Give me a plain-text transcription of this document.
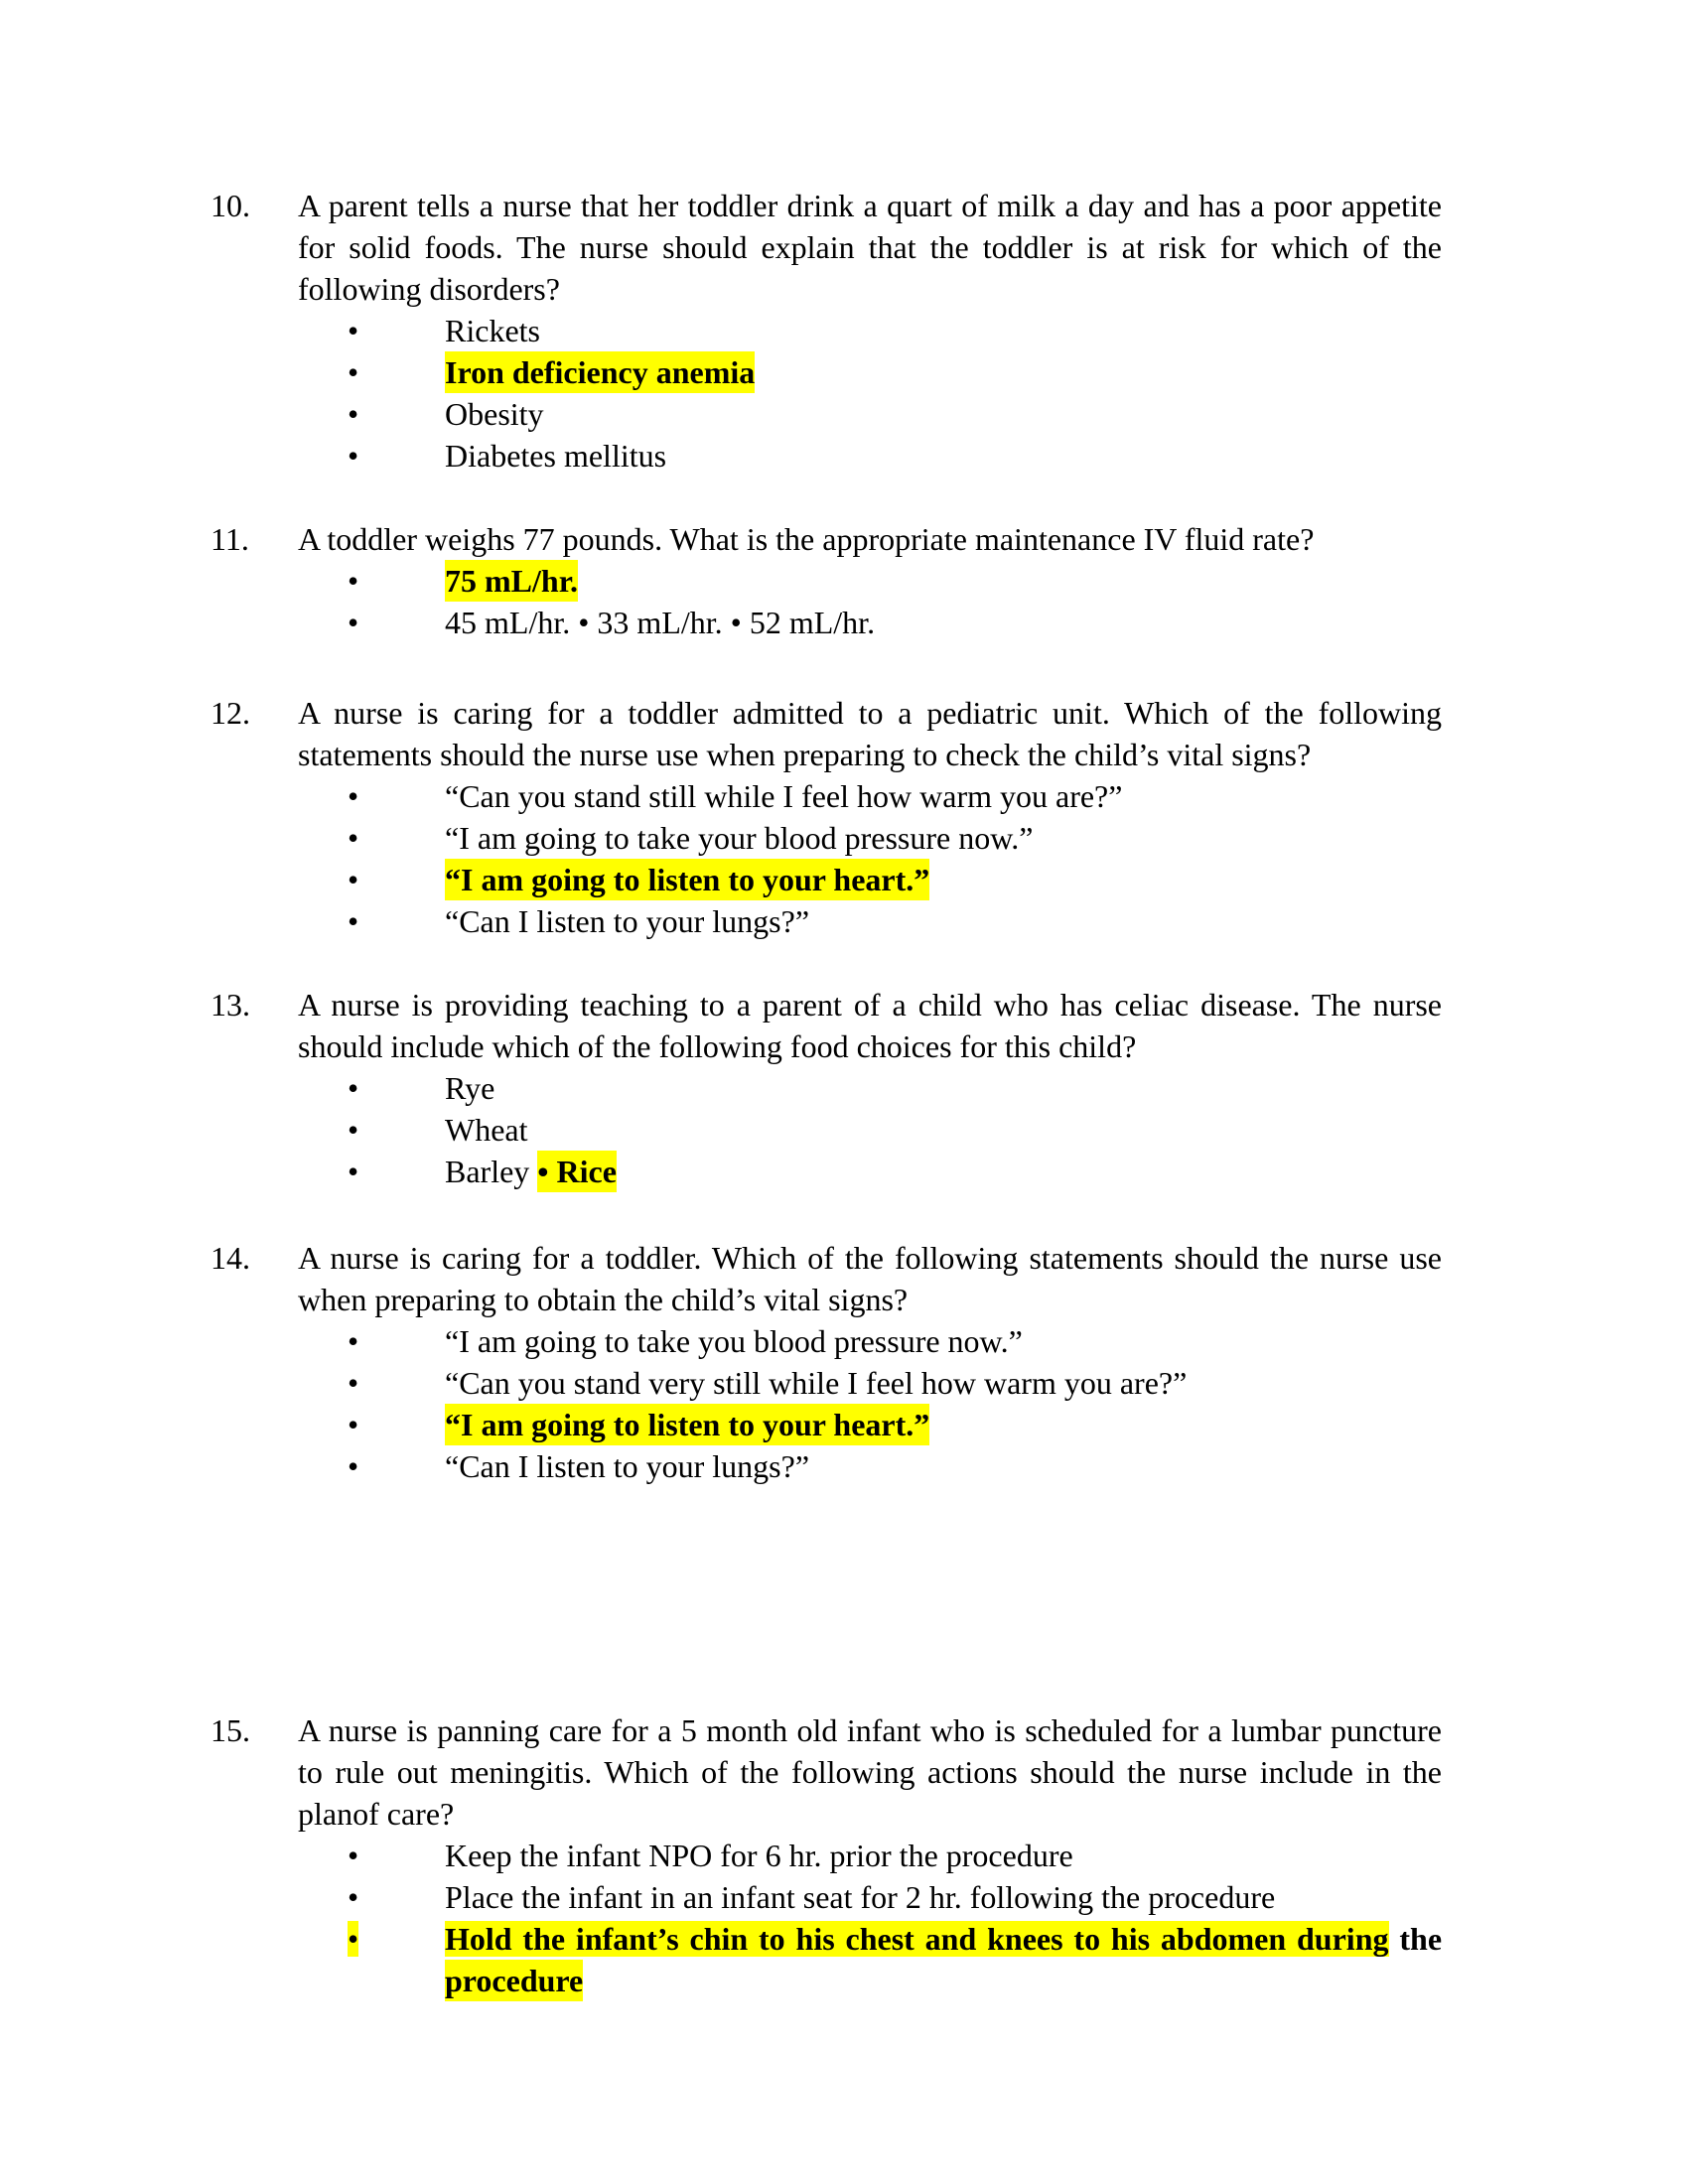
10.	A parent tells a nurse that her toddler drink a quart of milk a day and has a poor appetite for solid foods. The nurse should explain that the toddler is at risk for which of the following disorders?
•	Rickets
•	Iron deficiency anemia
•	Obesity
•	Diabetes mellitus
11.	A toddler weighs 77 pounds. What is the appropriate maintenance IV fluid rate?
•	75 mL/hr.
•	45 mL/hr. • 33 mL/hr. • 52 mL/hr.
12.	A nurse is caring for a toddler admitted to a pediatric unit. Which of the following statements should the nurse use when preparing to check the child’s vital signs?
•	“Can you stand still while I feel how warm you are?”
•	“I am going to take your blood pressure now.”
•	“I am going to listen to your heart.”
•	“Can I listen to your lungs?”
13.	A nurse is providing teaching to a parent of a child who has celiac disease. The nurse should include which of the following food choices for this child?
•	Rye
•	Wheat
•	Barley
• Rice
14.	A nurse is caring for a toddler. Which of the following statements should the nurse use when preparing to obtain the child’s vital signs?
•	“I am going to take you blood pressure now.”
•	“Can you stand very still while I feel how warm you are?”
•	“I am going to listen to your heart.”
•	“Can I listen to your lungs?”
15.	A nurse is panning care for a 5 month old infant who is scheduled for a lumbar puncture to rule out meningitis. Which of the following actions should the nurse include in the planof care?
•	Keep the infant NPO for 6 hr. prior the procedure
•	Place the infant in an infant seat for 2 hr. following the procedure
•	Hold the infant’s chin to his chest and knees to his abdomen during the
procedure
